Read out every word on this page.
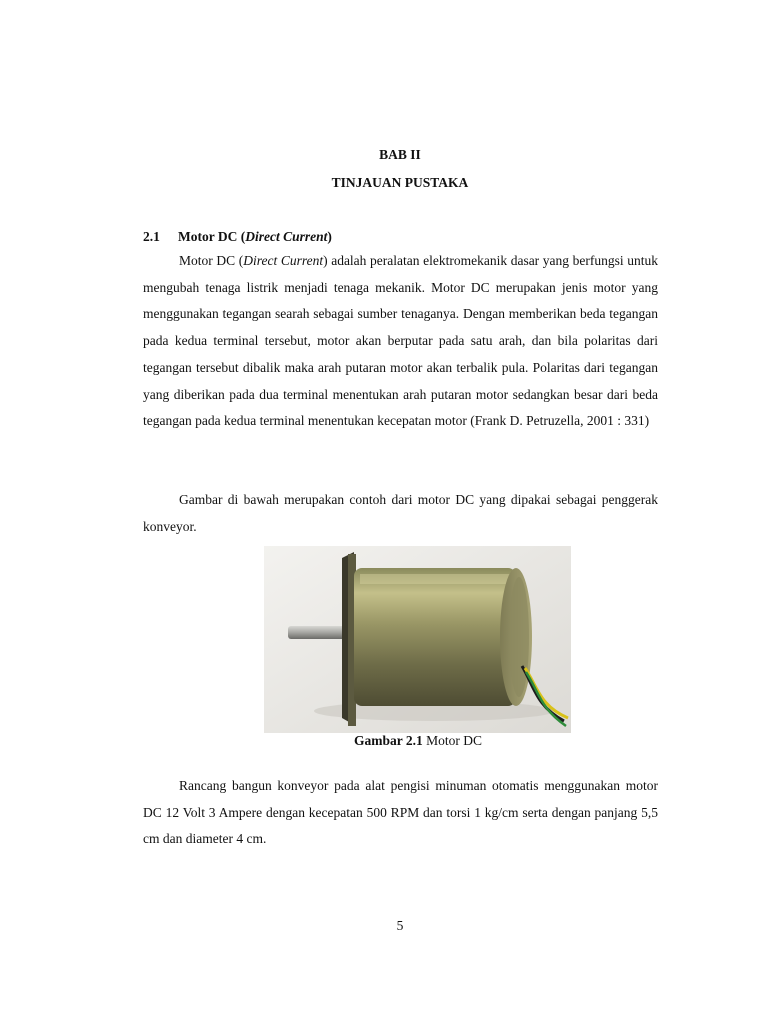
BAB II

TINJAUAN PUSTAKA

2.1 Motor DC (Direct Current)

Motor DC (Direct Current) adalah peralatan elektromekanik dasar yang berfungsi untuk mengubah tenaga listrik menjadi tenaga mekanik. Motor DC merupakan jenis motor yang menggunakan tegangan searah sebagai sumber tenaganya. Dengan memberikan beda tegangan pada kedua terminal tersebut, motor akan berputar pada satu arah, dan bila polaritas dari tegangan tersebut dibalik maka arah putaran motor akan terbalik pula. Polaritas dari tegangan yang diberikan pada dua terminal menentukan arah putaran motor sedangkan besar dari beda tegangan pada kedua terminal menentukan kecepatan motor (Frank D. Petruzella, 2001 : 331)

Gambar di bawah merupakan contoh dari motor DC yang dipakai sebagai penggerak konveyor.

Gambar 2.1 Motor DC

Rancang bangun konveyor pada alat pengisi minuman otomatis menggunakan motor DC 12 Volt 3 Ampere dengan kecepatan 500 RPM dan torsi 1 kg/cm serta dengan panjang 5,5 cm dan diameter 4 cm.

5
